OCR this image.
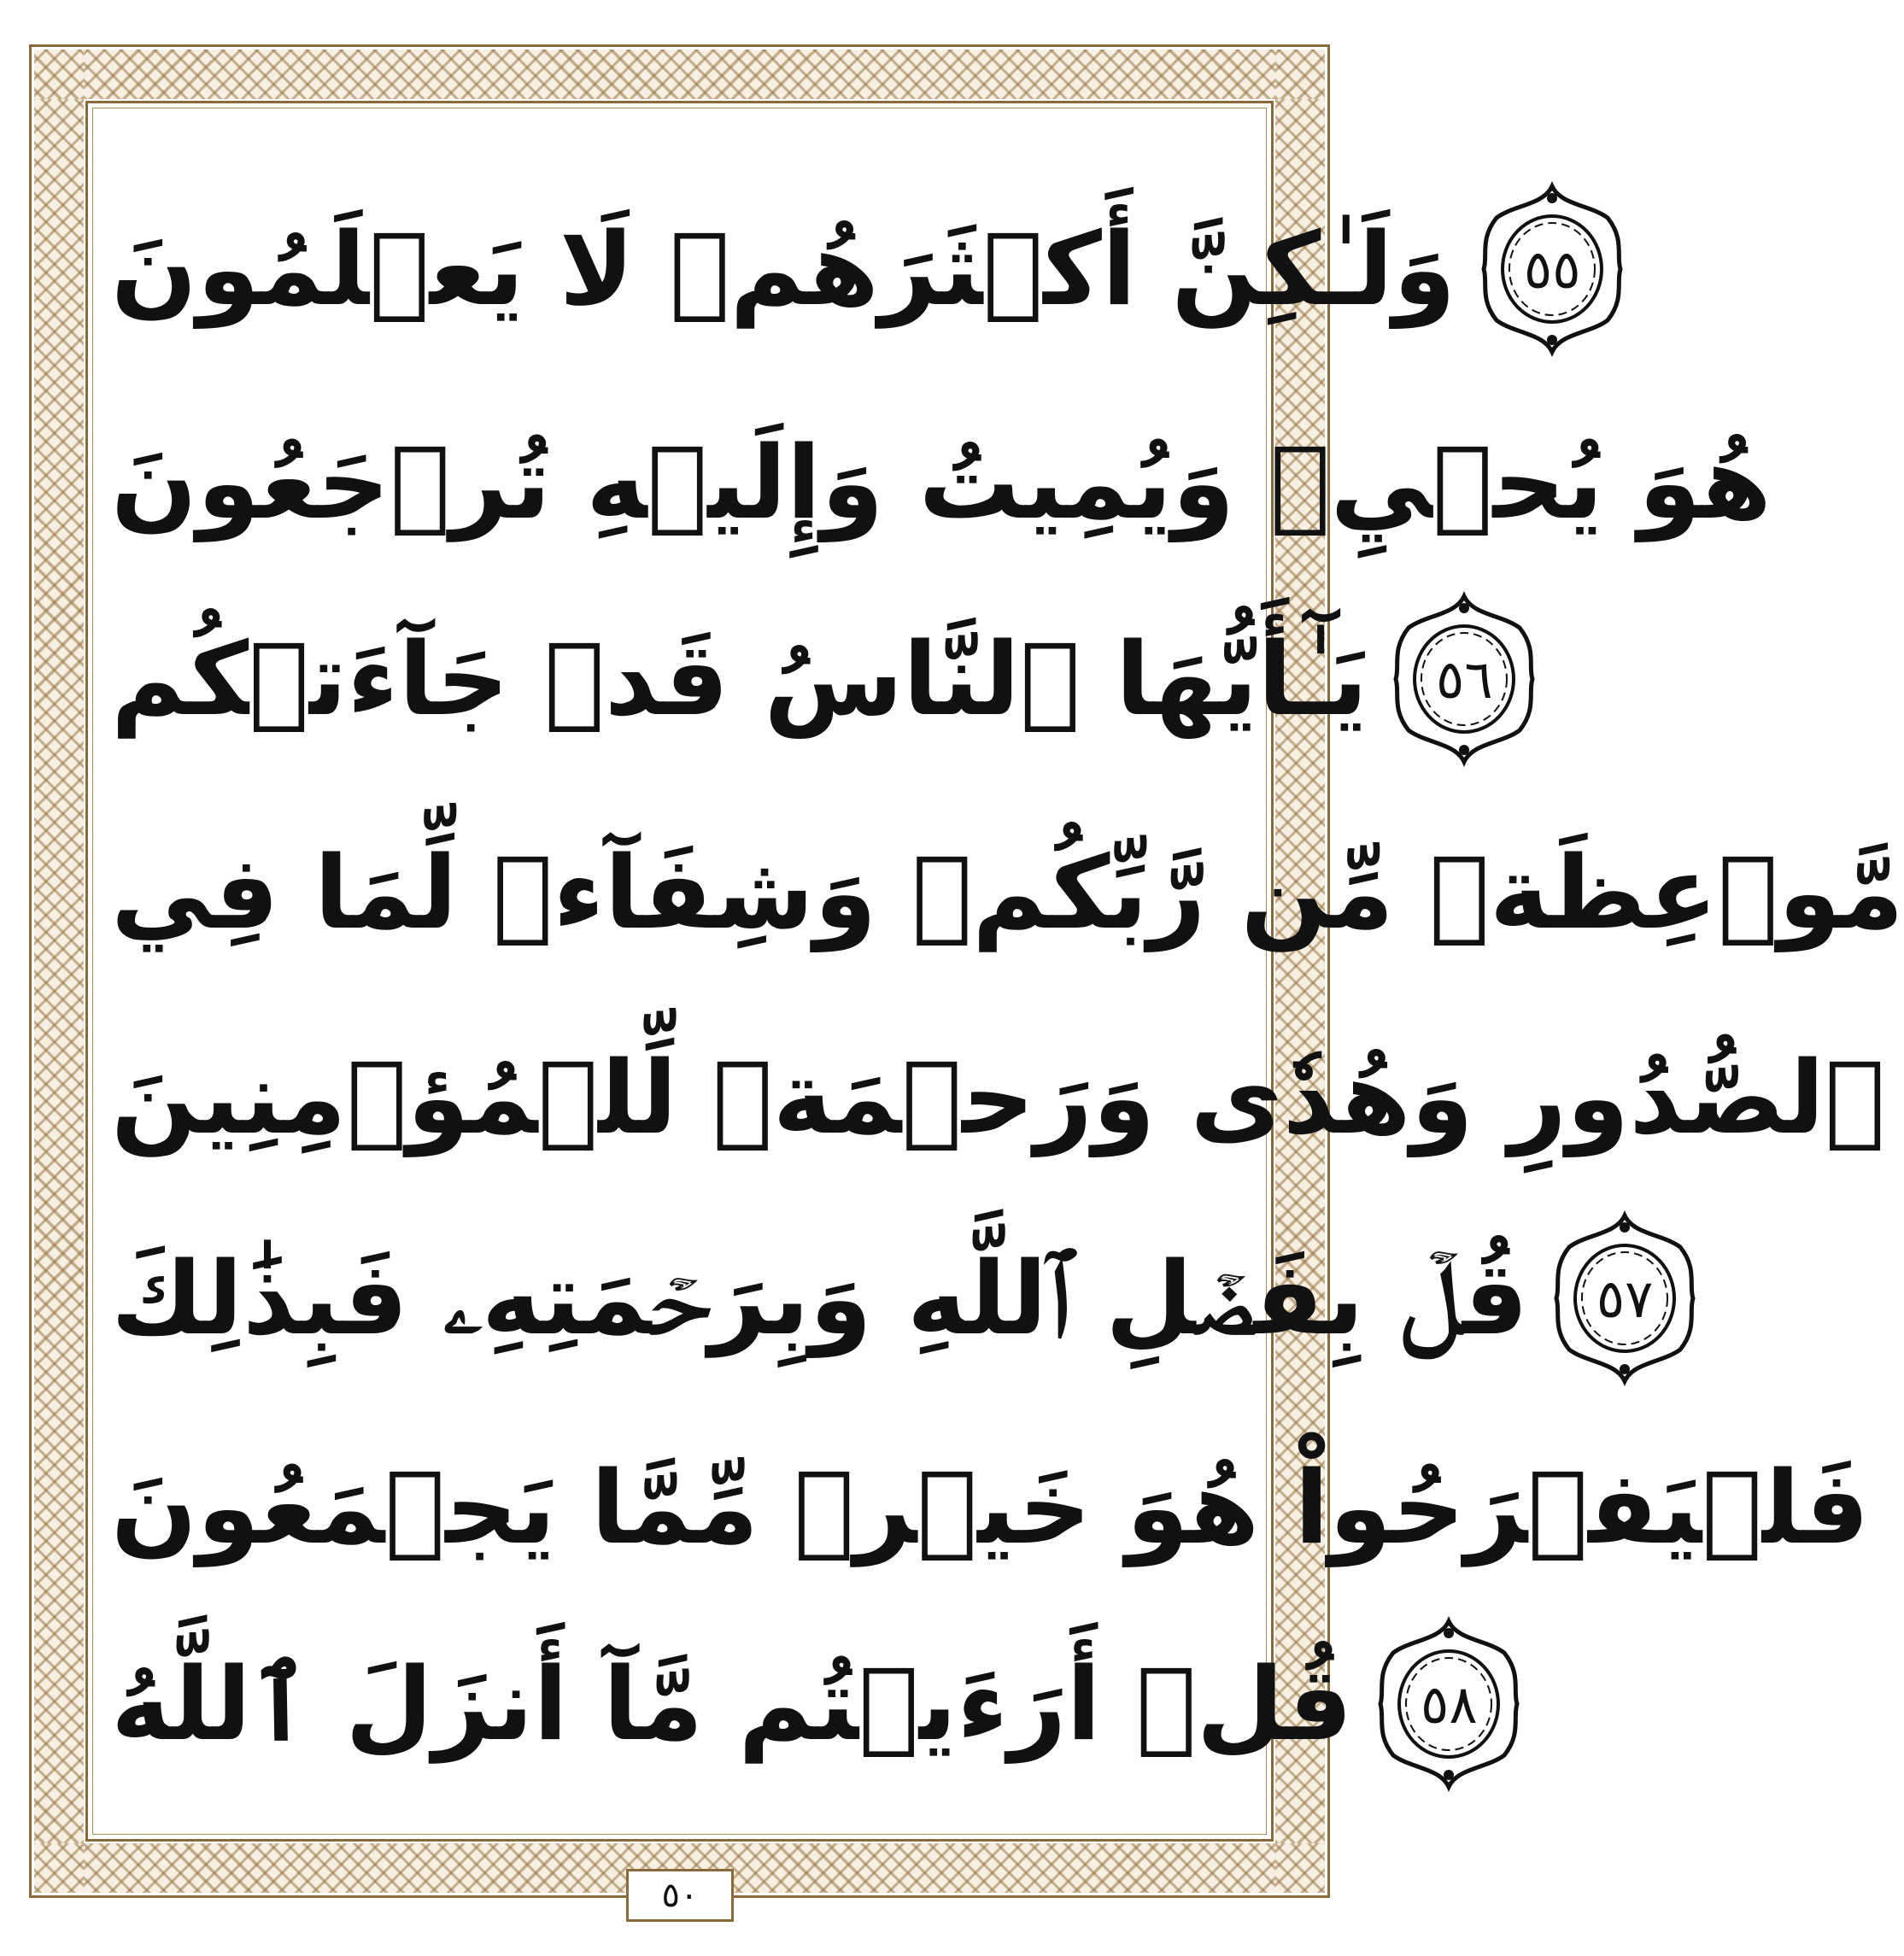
وَلَـٰكِنَّ أَكۡثَرَهُمۡ لَا يَعۡلَمُونَ	٥٥
هُوَ يُحۡيِۦ وَيُمِيتُ وَإِلَيۡهِ تُرۡجَعُونَ
يَـٰٓأَيُّهَا ٱلنَّاسُ قَدۡ جَآءَتۡكُم	٥٦
مَّوۡعِظَةٞ مِّن رَّبِّكُمۡ وَشِفَآءٞ لِّمَا فِي
ٱلصُّدُورِ وَهُدٗى وَرَحۡمَةٞ لِّلۡمُؤۡمِنِينَ
قُلۡ بِفَضۡلِ ٱللَّهِ وَبِرَحۡمَتِهِۦ فَبِذَٰلِكَ	٥٧
فَلۡيَفۡرَحُواْ هُوَ خَيۡرٞ مِّمَّا يَجۡمَعُونَ
قُلۡ أَرَءَيۡتُم مَّآ أَنزَلَ ٱللَّهُ	٥٨
٥٠
